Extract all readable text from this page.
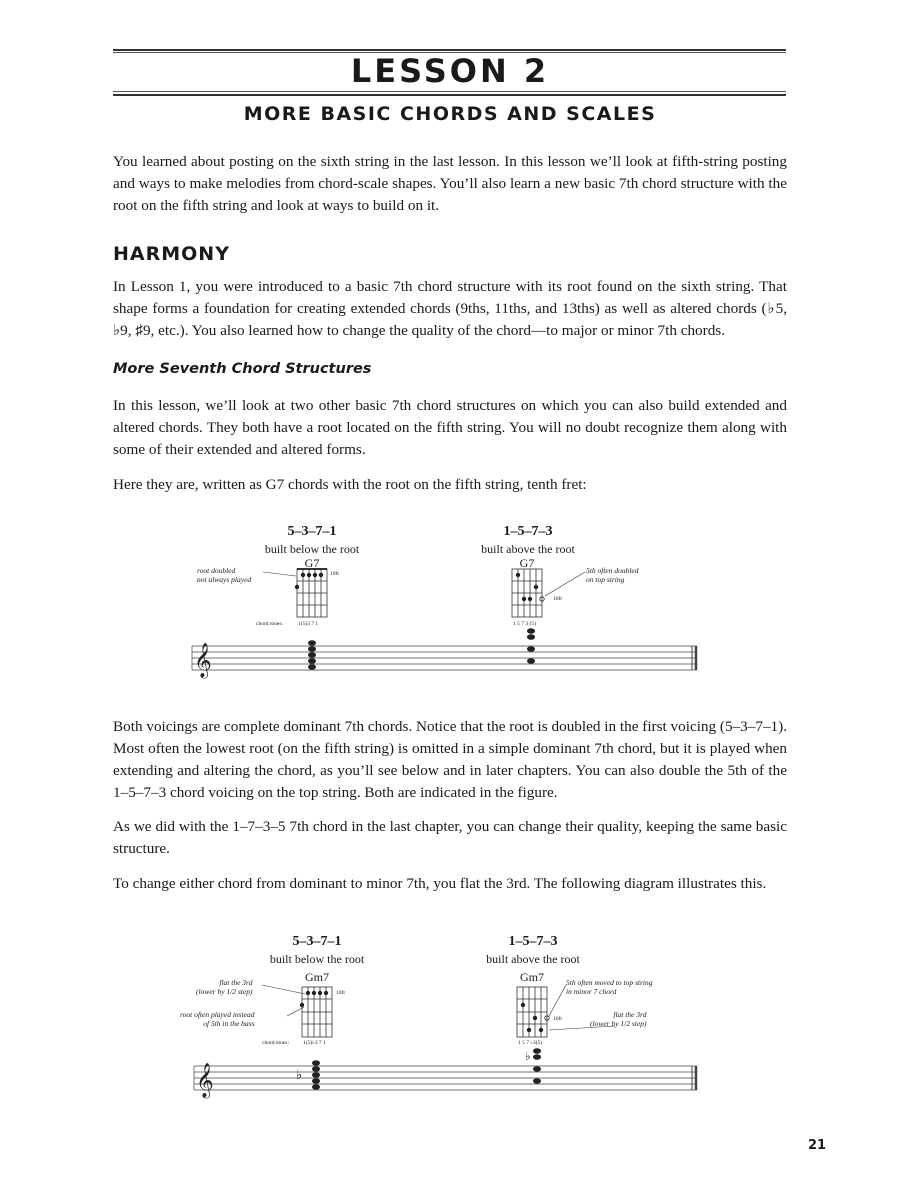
LESSON 2
MORE BASIC CHORDS AND SCALES

You learned about posting on the sixth string in the last lesson. In this lesson we’ll look at fifth-string posting and ways to make melodies from chord-scale shapes. You’ll also learn a new basic 7th chord structure with the root on the fifth string and look at ways to build on it.

HARMONY

In Lesson 1, you were introduced to a basic 7th chord structure with its root found on the sixth string. That shape forms a foundation for creating extended chords (9ths, 11ths, and 13ths) as well as altered chords (♭5, ♭9, ♯9, etc.). You also learned how to change the quality of the chord—to major or minor 7th chords.

More Seventh Chord Structures

In this lesson, we’ll look at two other basic 7th chord structures on which you can also build extended and altered chords. They both have a root located on the fifth string. You will no doubt recognize them along with some of their extended and altered forms.

Here they are, written as G7 chords with the root on the fifth string, tenth fret:

𝄞
5–3–7–1
built below the root
G7
10fr
root doubled
not always played
chord tones:	1(5)3 7 1
1–5–7–3
built above the root
G7
10fr
5th often doubled
on top string
1 5 7 3 (5)

Both voicings are complete dominant 7th chords. Notice that the root is doubled in the first voicing (5–3–7–1). Most often the lowest root (on the fifth string) is omitted in a simple dominant 7th chord, but it is played when extending and altering the chord, as you’ll see below and in later chapters. You can also double the 5th of the 1–5–7–3 chord voicing on the top string. Both are indicated in the figure.

As we did with the 1–7–3–5 7th chord in the last chapter, you can change their quality, keeping the same basic structure.

To change either chord from dominant to minor 7th, you flat the 3rd. The following diagram illustrates this.

𝄞	♭
♭
5–3–7–1
built below the root
Gm7
10fr
flat the 3rd
(lower by 1/2 step)
root often played instead
of 5th in the bass
chord tones:	1(5)♭3 7 1
1–5–7–3
built above the root
Gm7
10fr
5th often moved to top string
in minor 7 chord
flat the 3rd
(lower by 1/2 step)
1 5 7 ♭3(5)
21
